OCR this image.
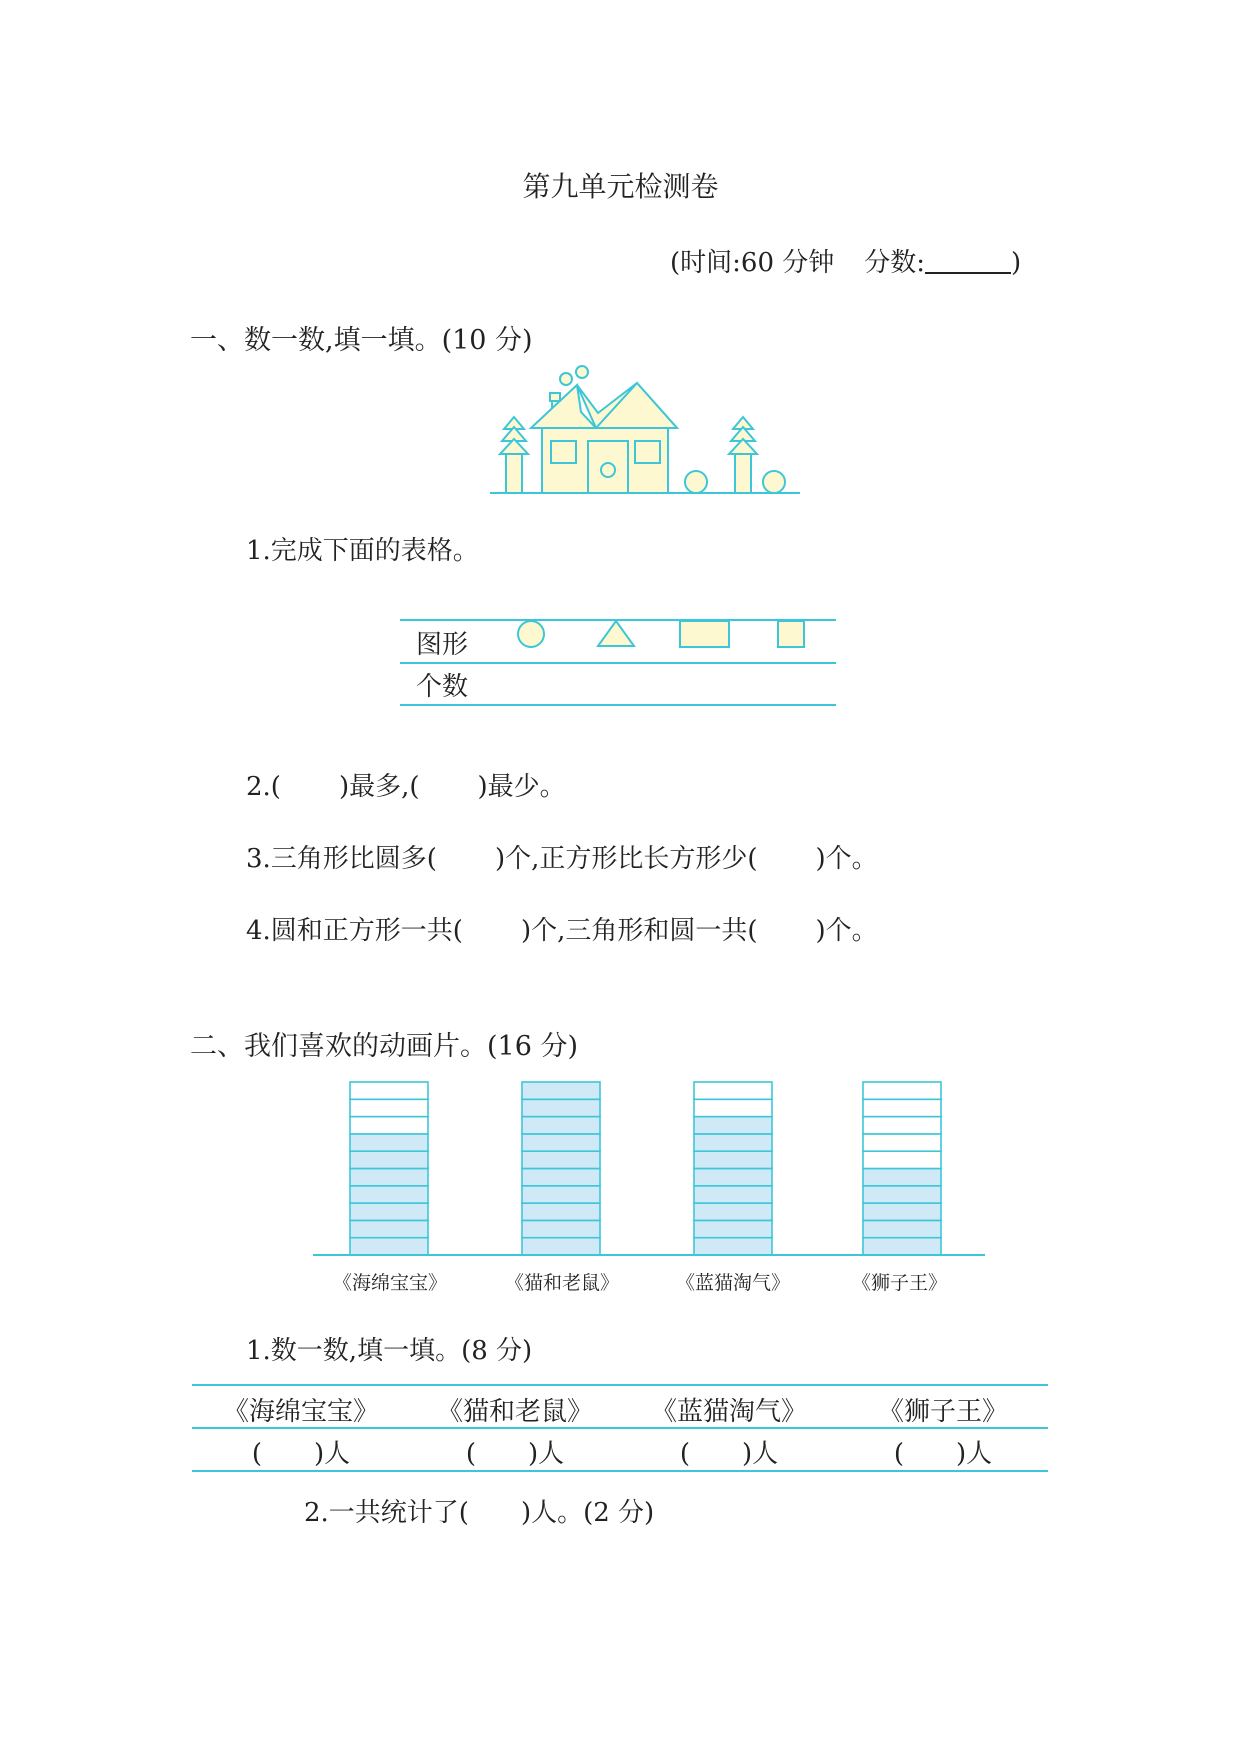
第九单元检测卷
(时间:60 分钟 分数:	)
一、数一数,填一填。(10 分)
1.完成下面的表格。
图形
个数
2.( )最多,( )最少。
3.三角形比圆多( )个,正方形比长方形少( )个。
4.圆和正方形一共( )个,三角形和圆一共( )个。
二、我们喜欢的动画片。(16 分)
《海绵宝宝》	《猫和老鼠》	《蓝猫淘气》	《狮子王》
1.数一数,填一填。(8 分)
《海绵宝宝》	《猫和老鼠》	《蓝猫淘气》	《狮子王》
(　　)人	(　　)人	(　　)人	(　　)人
2.一共统计了(　　)人。(2 分)
